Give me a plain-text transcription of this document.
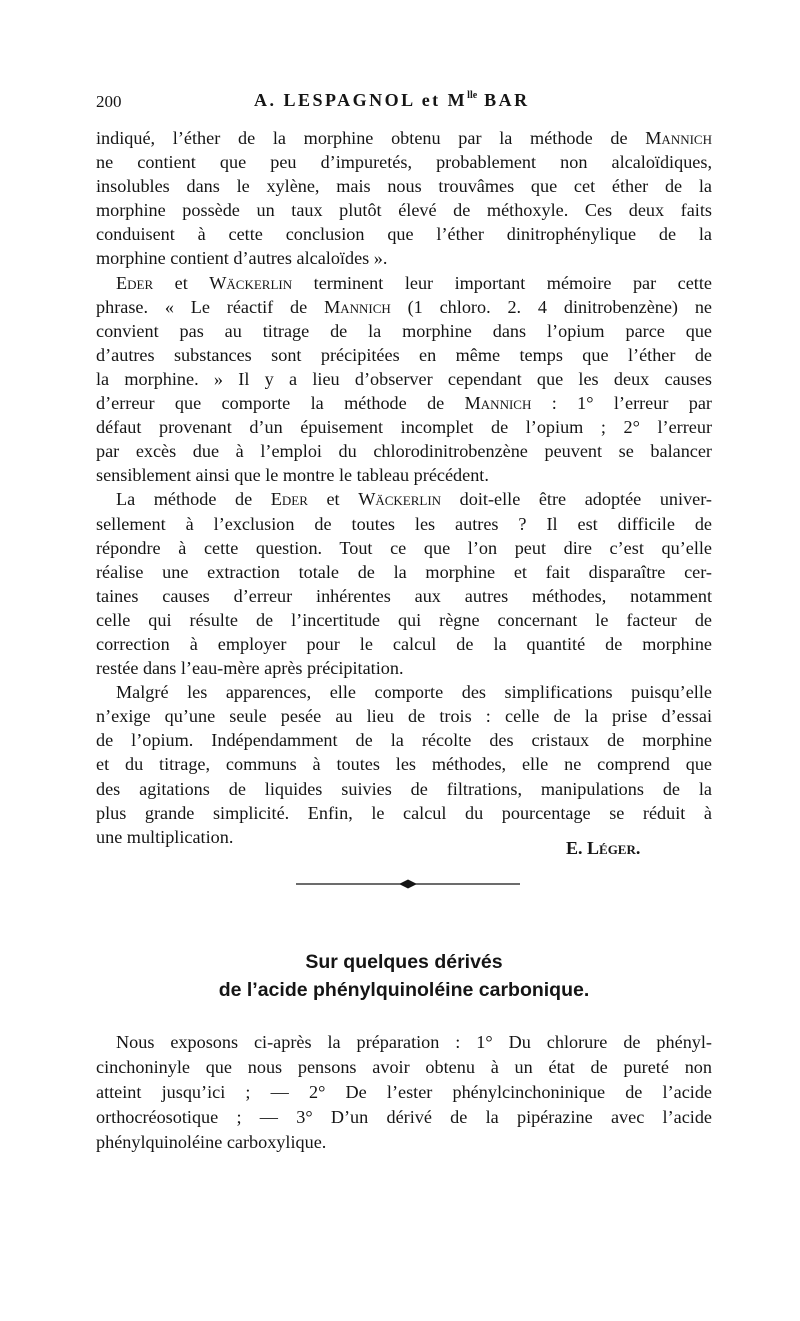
200	A. LESPAGNOL et $M^{lle}$ BAR
indiqué, l’éther de la morphine obtenu par la méthode de Mannich
ne contient que peu d’impuretés, probablement non alcaloïdiques,
insolubles dans le xylène, mais nous trouvâmes que cet éther de la
morphine possède un taux plutôt élevé de méthoxyle. Ces deux faits
conduisent à cette conclusion que l’éther dinitrophénylique de la
morphine contient d’autres alcaloïdes ».
Eder et Wäckerlin terminent leur important mémoire par cette
phrase. « Le réactif de Mannich (1 chloro. 2. 4 dinitrobenzène) ne
convient pas au titrage de la morphine dans l’opium parce que
d’autres substances sont précipitées en même temps que l’éther de
la morphine. » Il y a lieu d’observer cependant que les deux causes
d’erreur que comporte la méthode de Mannich : 1° l’erreur par
défaut provenant d’un épuisement incomplet de l’opium ; 2° l’erreur
par excès due à l’emploi du chlorodinitrobenzène peuvent se balancer
sensiblement ainsi que le montre le tableau précédent.
La méthode de Eder et Wäckerlin doit-elle être adoptée univer-
sellement à l’exclusion de toutes les autres ? Il est difficile de
répondre à cette question. Tout ce que l’on peut dire c’est qu’elle
réalise une extraction totale de la morphine et fait disparaître cer-
taines causes d’erreur inhérentes aux autres méthodes, notamment
celle qui résulte de l’incertitude qui règne concernant le facteur de
correction à employer pour le calcul de la quantité de morphine
restée dans l’eau-mère après précipitation.
Malgré les apparences, elle comporte des simplifications puisqu’elle
n’exige qu’une seule pesée au lieu de trois : celle de la prise d’essai
de l’opium. Indépendamment de la récolte des cristaux de morphine
et du titrage, communs à toutes les méthodes, elle ne comprend que
des agitations de liquides suivies de filtrations, manipulations de la
plus grande simplicité. Enfin, le calcul du pourcentage se réduit à
une multiplication.
E. Léger.
Sur quelques dérivés
de l’acide phénylquinoléine carbonique.
Nous exposons ci-après la préparation : 1° Du chlorure de phényl-
cinchoninyle que nous pensons avoir obtenu à un état de pureté non
atteint jusqu’ici ; — 2° De l’ester phénylcinchoninique de l’acide
orthocréosotique ; — 3° D’un dérivé de la pipérazine avec l’acide
phénylquinoléine carboxylique.
